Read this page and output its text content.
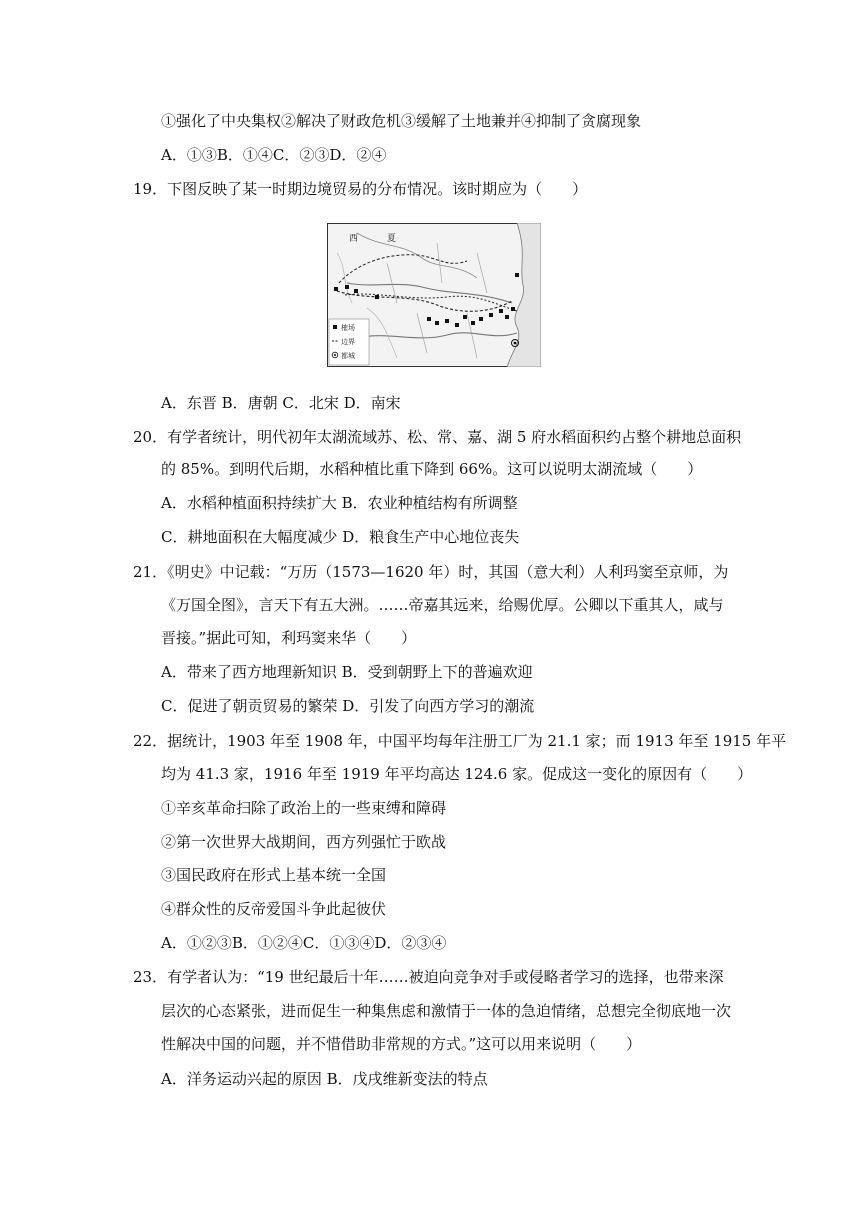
①强化了中央集权②解决了财政危机③缓解了土地兼并④抑制了贪腐现象
A．①③B．①④C．②③D．②④
19．下图反映了某一时期边境贸易的分布情况。该时期应为（　　）
西	夏
榷场
边界
都城
A．东晋 B．唐朝 C．北宋 D．南宋
20．有学者统计，明代初年太湖流域苏、松、常、嘉、湖 5 府水稻面积约占整个耕地总面积
的 85%。到明代后期，水稻种植比重下降到 66%。这可以说明太湖流域（　　）
A．水稻种植面积持续扩大 B．农业种植结构有所调整
C．耕地面积在大幅度减少 D．粮食生产中心地位丧失
21．《明史》中记载：“万历（1573—1620 年）时，其国（意大利）人利玛窦至京师，为
《万国全图》，言天下有五大洲。……帝嘉其远来，给赐优厚。公卿以下重其人，咸与
晋接。”据此可知，利玛窦来华（　　）
A．带来了西方地理新知识 B．受到朝野上下的普遍欢迎
C．促进了朝贡贸易的繁荣 D．引发了向西方学习的潮流
22．据统计，1903 年至 1908 年，中国平均每年注册工厂为 21.1 家；而 1913 年至 1915 年平
均为 41.3 家，1916 年至 1919 年平均高达 124.6 家。促成这一变化的原因有（　　）
①辛亥革命扫除了政治上的一些束缚和障碍
②第一次世界大战期间，西方列强忙于欧战
③国民政府在形式上基本统一全国
④群众性的反帝爱国斗争此起彼伏
A．①②③B．①②④C．①③④D．②③④
23．有学者认为：“19 世纪最后十年……被迫向竞争对手或侵略者学习的选择，也带来深
层次的心态紧张，进而促生一种集焦虑和激情于一体的急迫情绪，总想完全彻底地一次
性解决中国的问题，并不惜借助非常规的方式。”这可以用来说明（　　）
A．洋务运动兴起的原因 B．戊戌维新变法的特点
